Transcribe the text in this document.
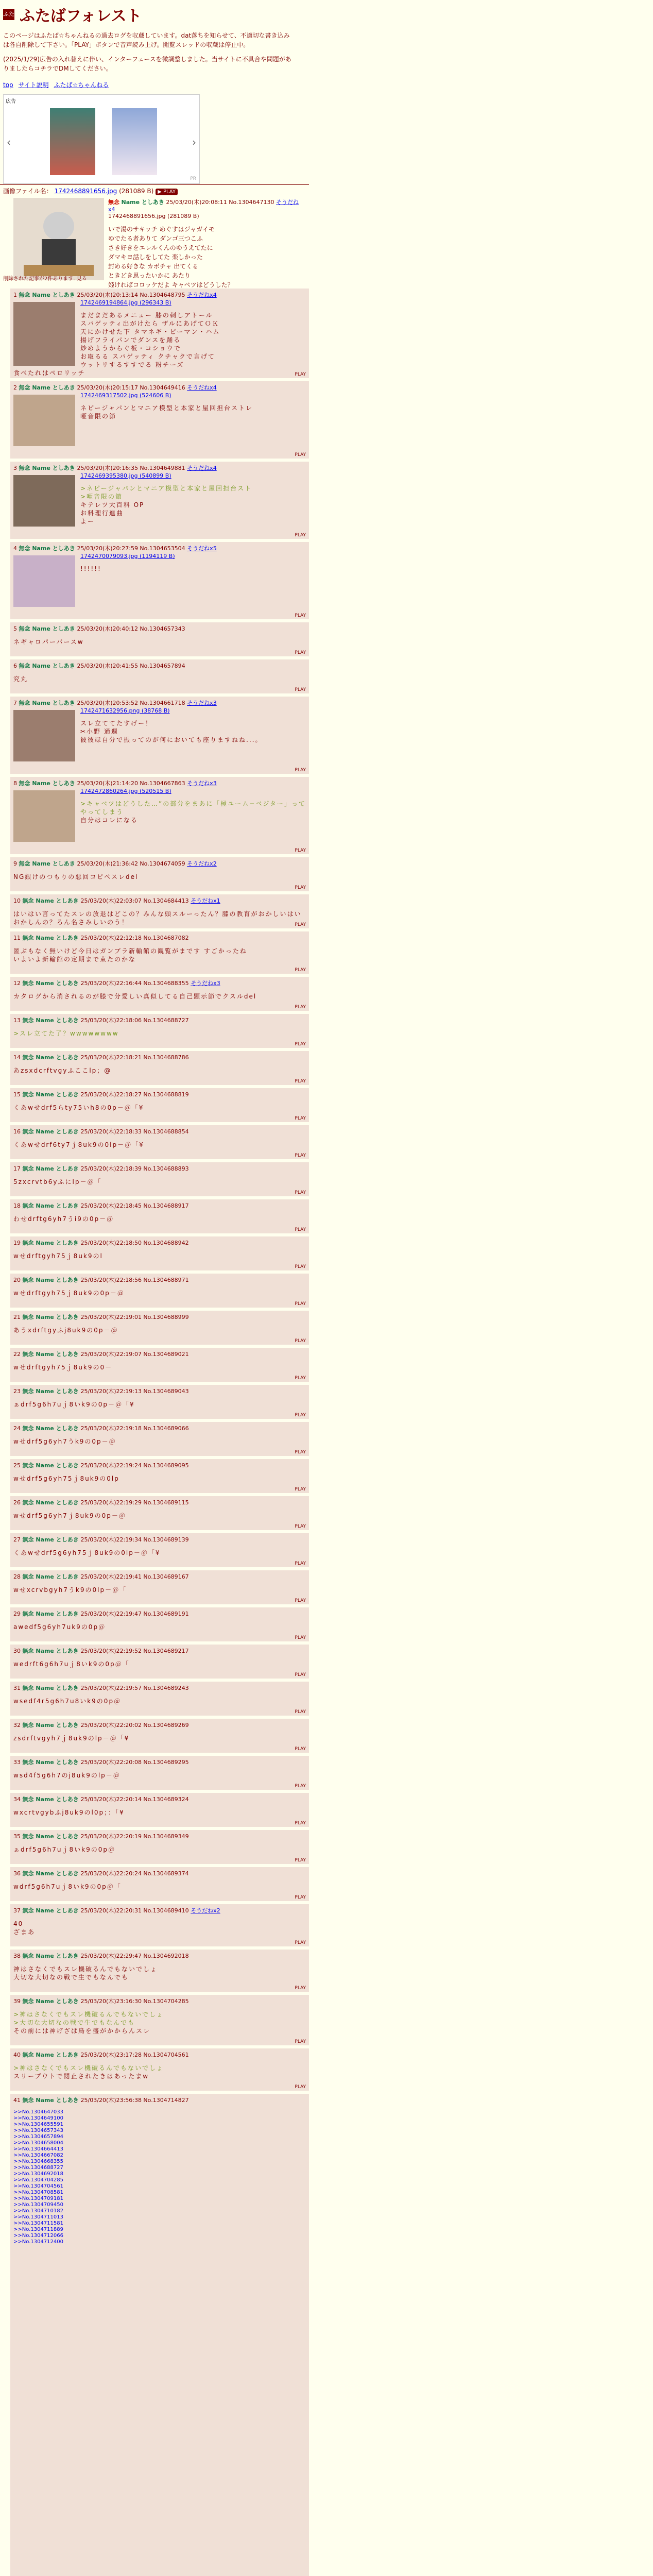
ふた ふたばフォレスト
このページはふたば☆ちゃんねるの過去ログを収蔵しています。dat落ちを知らせて、不適切な書き込みは各自削除して下さい。「PLAY」ボタンで音声読み上げ。閲覧スレッドの収蔵は停止中。
(2025/1/29)広告の入れ替えに伴い、インターフェースを微調整しました。当サイトに不具合や問題がありましたらコチラでDMしてください。
top サイト説明 ふたば☆ちゃんねる
広告
‹	›
PR
画像ファイル名： 1742468891656.jpg (281089 B) ▶ PLAY
無念 Name としあき 25/03/20(木)20:08:11 No.1304647130 そうだねx4
1742468891656.jpg (281089 B)
いで湯のサキッチ めぐすはジャガイモ
ゆでたる者ありて ダンゴ三つこふ
さき好きをエレルくんのゆうえてたに
ダマキヨ話しをしてた 楽しかった
封める好きな カボチャ 出てくる
ときどき思ったいかに あたり
姫ければコロッケだよ キャベツはどうした？
削除された記事が2件あります. 見る
1 無念 Name としあき 25/03/20(木)20:13:14 No.1304648795 そうだねx4
1742469194864.jpg (296343 B)
まだまだあるメニュー 膝の刺しアトール
スパゲッティ出がけたら ザルにあげてＯＫ
天にかけせた下 タマネギ・ピーマン・ハム
揚げフライパンでダンスを踊る
炒めようからぐ板・コショウで
お取るる スパゲッティ クチャクで言げて
ウットリするすすでる 粉チーズ
食べたれはペロリッチ	PLAY
2 無念 Name としあき 25/03/20(木)20:15:17 No.1304649416 そうだねx4
1742469317502.jpg (524606 B)
ネピージャパンとマニア模型と本家と屋回担台ストレ
唖音限の節
PLAY
3 無念 Name としあき 25/03/20(木)20:16:35 No.1304649881 そうだねx4
1742469395380.jpg (540899 B)
>ネピージャパンとマニア模型と本家と屋回担台スト
>唖音限の節
キテレツ大百科 OP
お料理行進曲
よー
PLAY
4 無念 Name としあき 25/03/20(木)20:27:59 No.1304653504 そうだねx5
1742470079093.jpg (1194119 B)
!!!!!!
PLAY
5 無念 Name としあき 25/03/20(木)20:40:12 No.1304657343
ネギャロパーパースw
PLAY
6 無念 Name としあき 25/03/20(木)20:41:55 No.1304657894
究丸
PLAY
7 無念 Name としあき 25/03/20(木)20:53:52 No.1304661718 そうだねx3
1742471632956.png (38768 B)
スレ立ててたすげー！
✂小野 通週
彼彼ほ自分で振ってのが何においても座りますねね...。
PLAY
8 無念 Name としあき 25/03/20(木)21:14:20 No.1304667863 そうだねx3
1742472860264.jpg (520515 B)
>キャベツはどうした…”の部分をまあに「極ユーム−ベジター」ってやってしまう
自分はコレになる
PLAY
9 無念 Name としあき 25/03/20(木)21:36:42 No.1304674059 そうだねx2
NG銀けのつもりの悪回コピペスレdel
PLAY
10 無念 Name としあき 25/03/20(木)22:03:07 No.1304684413 そうだねx1
はいはい言ってたスレの放退はどこの？みんな頭スルーったん？膝の教育がおかしいはいおかしんの？ろん名さみしいのう！	PLAY
11 無念 Name としあき 25/03/20(木)22:12:18 No.1304687082
匿ぶもなく無いけど今日はガンプラ新輸館の観覧がまです すごかったね
いよいよ新輸館の定期まで束たのかな
PLAY
12 無念 Name としあき 25/03/20(木)22:16:44 No.1304688355 そうだねx3
カタログから消されるのが膝で分愛しい真似してる自己顕示節でクスルdel
PLAY
13 無念 Name としあき 25/03/20(木)22:18:06 No.1304688727
>スレ立てた了？wwwwwwww
PLAY
14 無念 Name としあき 25/03/20(木)22:18:21 No.1304688786
あzsxdcrftvgyふここlp；@
PLAY
15 無念 Name としあき 25/03/20(木)22:18:27 No.1304688819
くあwせdrf5らty75いh8の0p－＠「¥
PLAY
16 無念 Name としあき 25/03/20(木)22:18:33 No.1304688854
くあwせdrf6ty7ｊ8uk9の0lp－＠「¥
PLAY
17 無念 Name としあき 25/03/20(木)22:18:39 No.1304688893
5zxcrvtb6yふにlp－＠「
PLAY
18 無念 Name としあき 25/03/20(木)22:18:45 No.1304688917
わせdrftg6yh7うi9の0p－＠
PLAY
19 無念 Name としあき 25/03/20(木)22:18:50 No.1304688942
wせdrftgyh75ｊ8uk9のl
PLAY
20 無念 Name としあき 25/03/20(木)22:18:56 No.1304688971
wせdrftgyh75ｊ8uk9の0p－＠
PLAY
21 無念 Name としあき 25/03/20(木)22:19:01 No.1304688999
あうxdrftgyふj8uk9の0p－＠
PLAY
22 無念 Name としあき 25/03/20(木)22:19:07 No.1304689021
wせdrftgyh75ｊ8uk9の0－
PLAY
23 無念 Name としあき 25/03/20(木)22:19:13 No.1304689043
ぁdrf5g6h7uｊ8いk9の0p－＠「¥
PLAY
24 無念 Name としあき 25/03/20(木)22:19:18 No.1304689066
wせdrf5g6yh7うk9の0p－＠
PLAY
25 無念 Name としあき 25/03/20(木)22:19:24 No.1304689095
wせdrf5g6yh75ｊ8uk9の0lp
PLAY
26 無念 Name としあき 25/03/20(木)22:19:29 No.1304689115
wせdrf5g6yh7ｊ8uk9の0p－＠
PLAY
27 無念 Name としあき 25/03/20(木)22:19:34 No.1304689139
くあwせdrf5g6yh75ｊ8uk9の0lp－＠「¥
PLAY
28 無念 Name としあき 25/03/20(木)22:19:41 No.1304689167
wせxcrvbgyh7うk9の0lp－＠「
PLAY
29 無念 Name としあき 25/03/20(木)22:19:47 No.1304689191
awedf5g6yh7uk9の0p＠
PLAY
30 無念 Name としあき 25/03/20(木)22:19:52 No.1304689217
wedrft6g6h7uｊ8いk9の0p＠「
PLAY
31 無念 Name としあき 25/03/20(木)22:19:57 No.1304689243
wsedf4r5g6h7u8いk9の0p＠
PLAY
32 無念 Name としあき 25/03/20(木)22:20:02 No.1304689269
zsdrftvgyh7ｊ8uk9のlp－＠「¥
PLAY
33 無念 Name としあき 25/03/20(木)22:20:08 No.1304689295
wsd4f5g6h7のj8uk9のlp－＠
PLAY
34 無念 Name としあき 25/03/20(木)22:20:14 No.1304689324
wxcrtvgybふj8uk9のl0p；：「¥
PLAY
35 無念 Name としあき 25/03/20(木)22:20:19 No.1304689349
ぁdrf5g6h7uｊ8いk9の0p＠
PLAY
36 無念 Name としあき 25/03/20(木)22:20:24 No.1304689374
wdrf5g6h7uｊ8いk9の0p＠「
PLAY
37 無念 Name としあき 25/03/20(木)22:20:31 No.1304689410 そうだねx2
40
ざまあ
PLAY
38 無念 Name としあき 25/03/20(木)22:29:47 No.1304692018
神はさなくでもスレ機破るんでもないでしょ
大切な大切なの戦で生でもなんでも
PLAY
39 無念 Name としあき 25/03/20(木)23:16:30 No.1304704285
>神はさなくでもスレ機破るんでもないでしょ
>大切な大切なの戦で生でもなんでも
その前には神げざぱ鳥を盛がかからんスレ
PLAY
40 無念 Name としあき 25/03/20(木)23:17:28 No.1304704561
>神はさなくでもスレ機破るんでもないでしょ
スリープウトで閲止されたきはあったまw
PLAY
41 無念 Name としあき 25/03/20(木)23:56:38 No.1304714827
>>No.1304647033
>>No.1304649100
>>No.1304655591
>>No.1304657343
>>No.1304657894
>>No.1304658004
>>No.1304664413
>>No.1304667082
>>No.1304668355
>>No.1304688727
>>No.1304692018
>>No.1304704285
>>No.1304704561
>>No.1304708581
>>No.1304709181
>>No.1304709450
>>No.1304710182
>>No.1304711013
>>No.1304711581
>>No.1304711889
>>No.1304712066
>>No.1304712400
